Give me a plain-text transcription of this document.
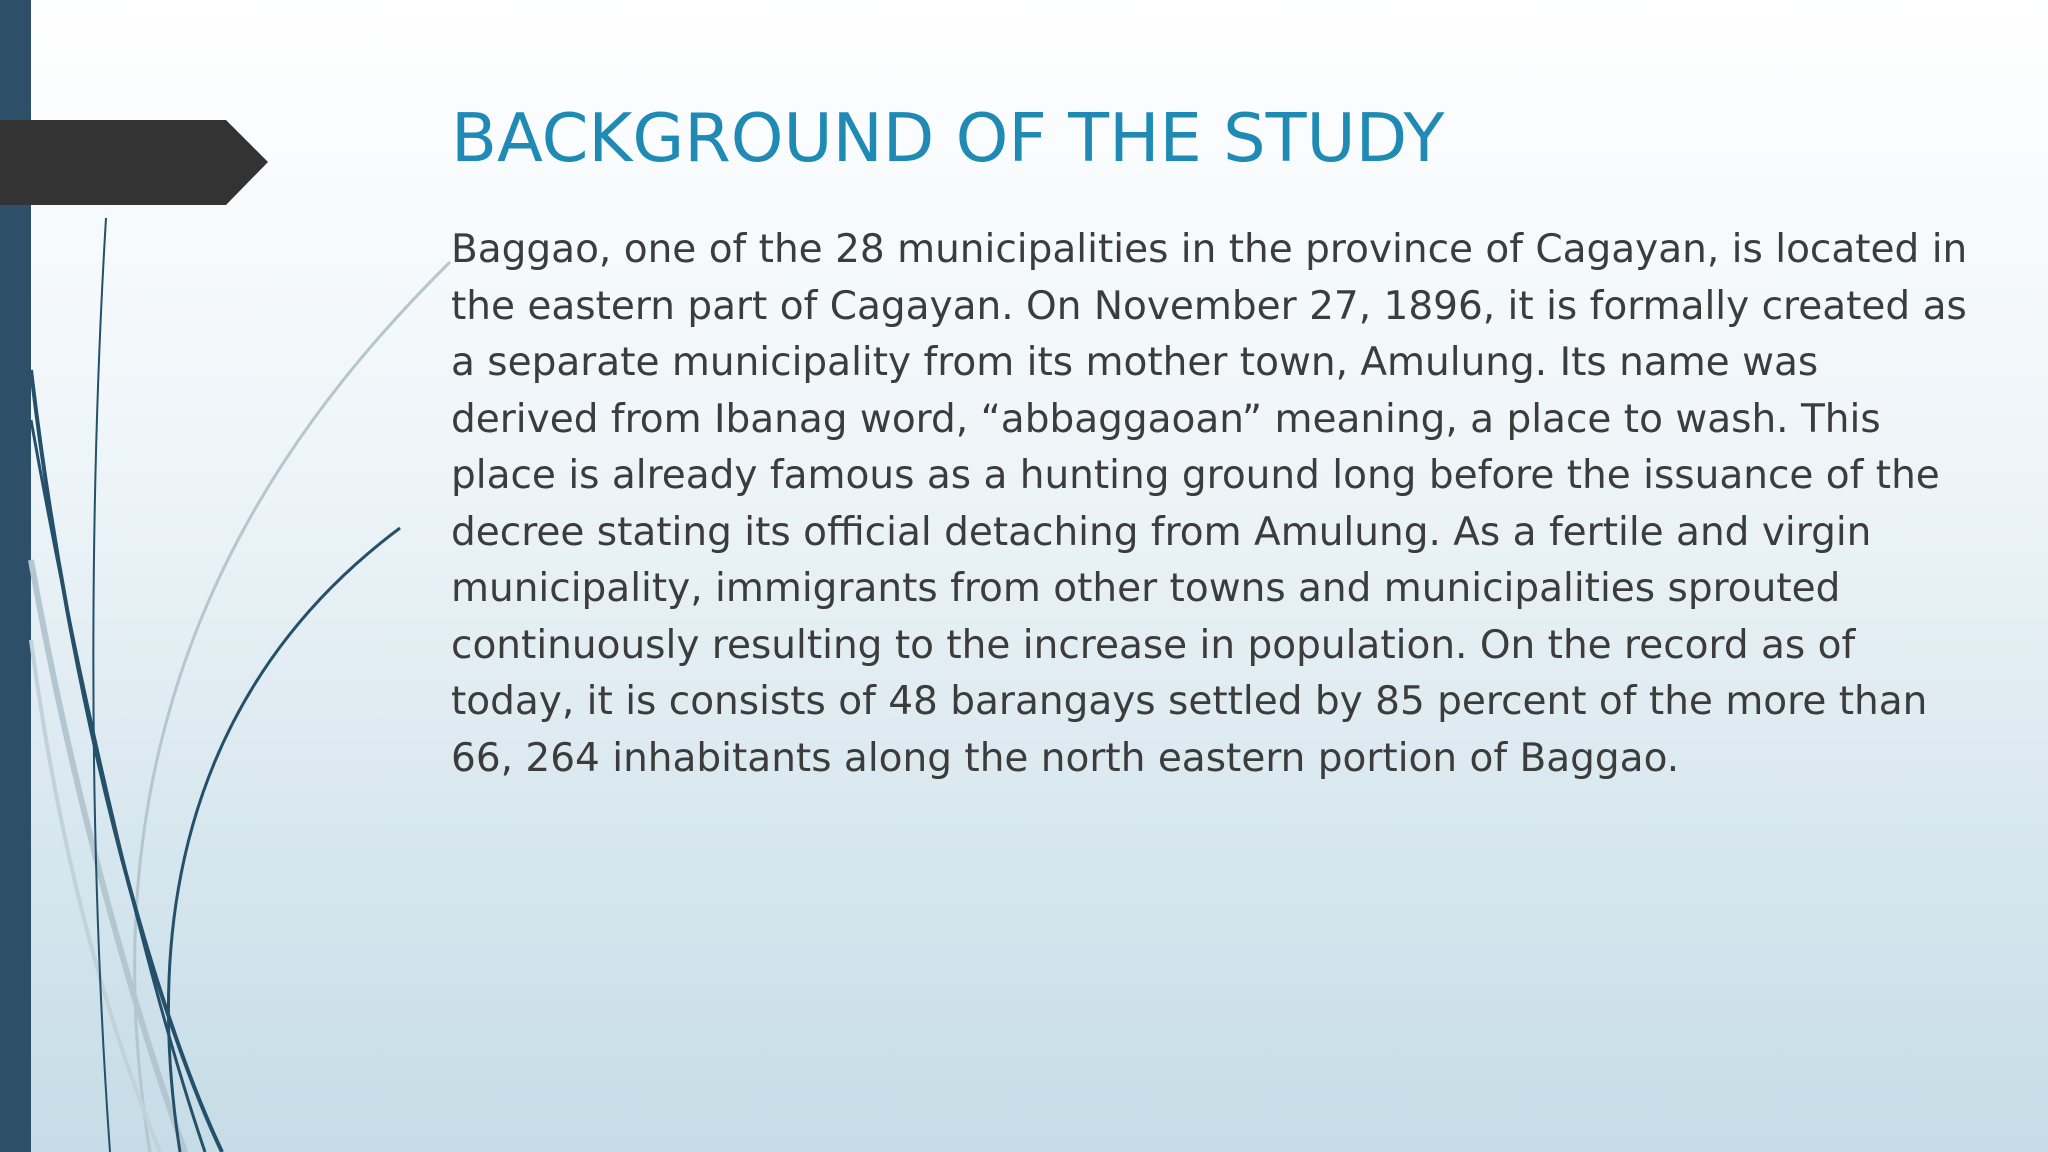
BACKGROUND OF THE STUDY

Baggao, one of the 28 municipalities in the province of Cagayan, is located in the eastern part of Cagayan. On November 27, 1896, it is formally created as a separate municipality from its mother town, Amulung. Its name was derived from Ibanag word, “abbaggaoan” meaning, a place to wash. This place is already famous as a hunting ground long before the issuance of the decree stating its official detaching from Amulung. As a fertile and virgin municipality, immigrants from other towns and municipalities sprouted continuously resulting to the increase in population. On the record as of today, it is consists of 48 barangays settled by 85 percent of the more than 66, 264 inhabitants along the north eastern portion of Baggao.
